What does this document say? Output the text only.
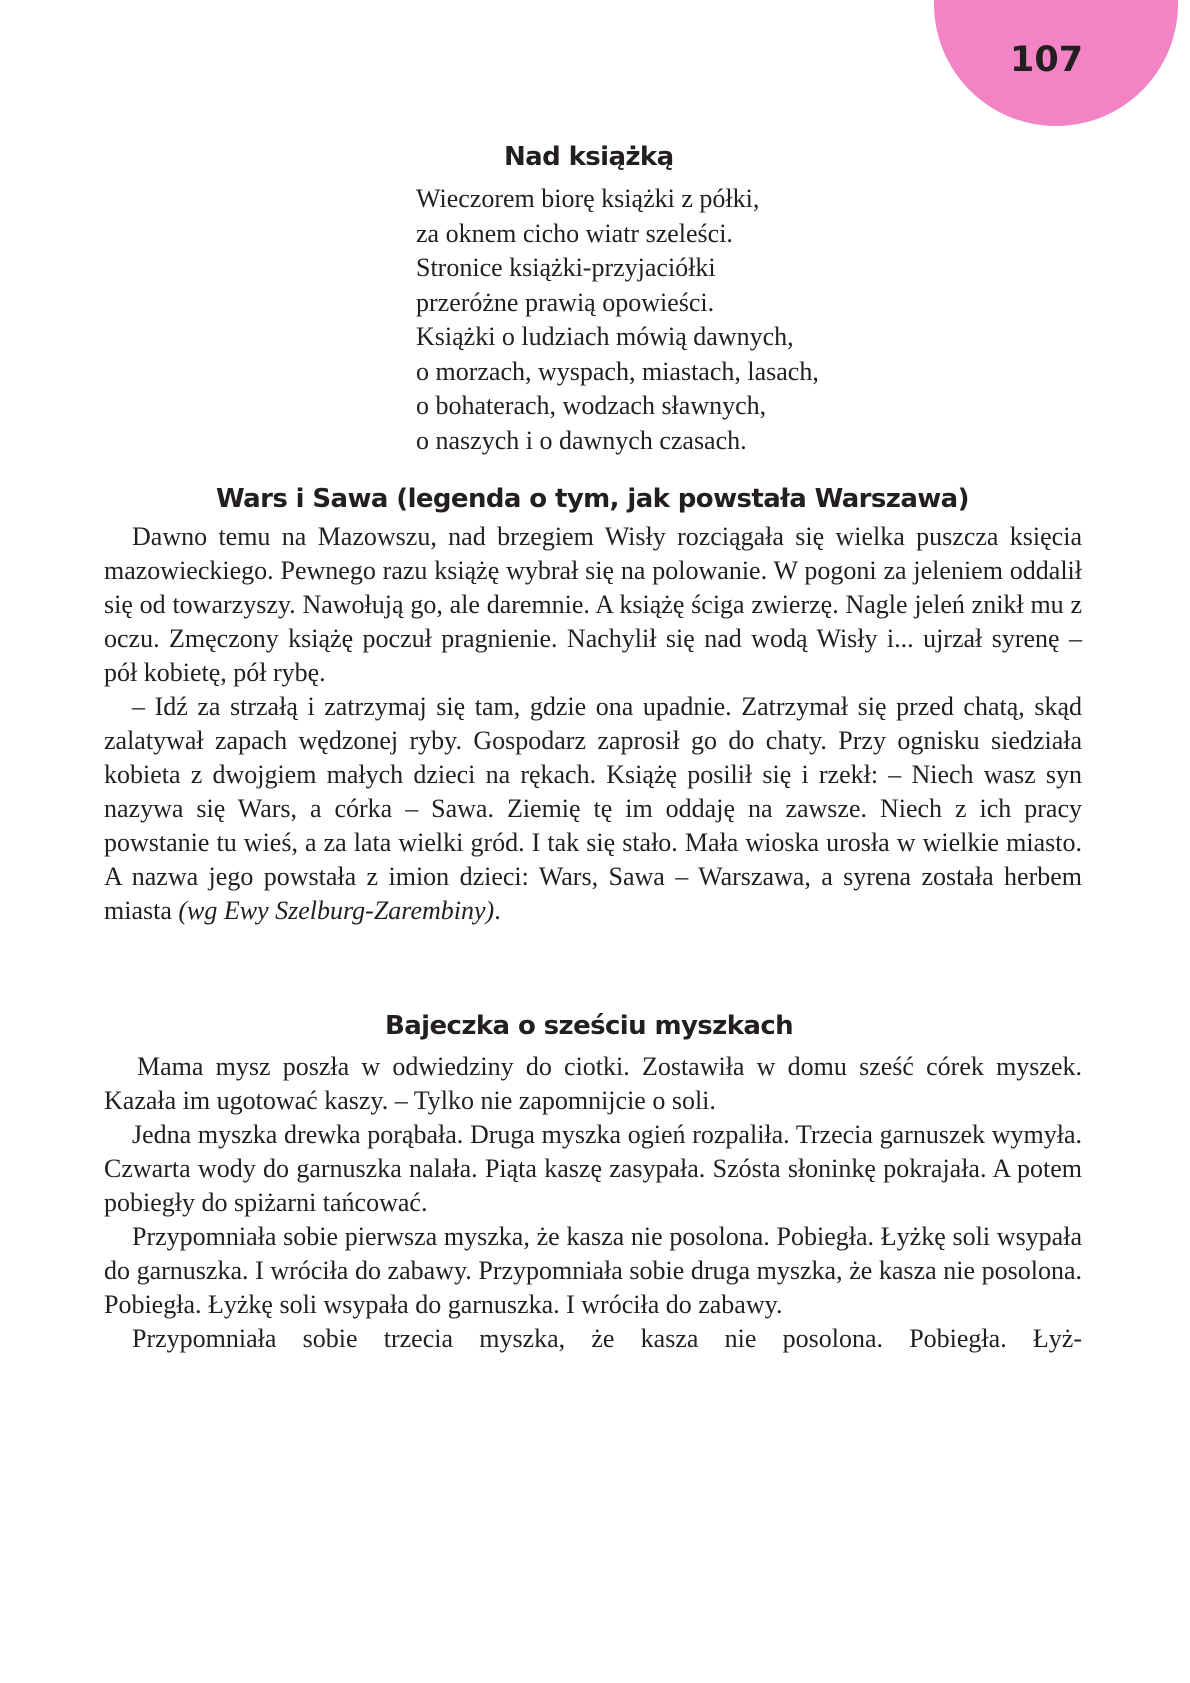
107
Nad książką
Wieczorem biorę książki z półki,
za oknem cicho wiatr szeleści.
Stronice książki-przyjaciółki
przeróżne prawią opowieści.
Książki o ludziach mówią dawnych,
o morzach, wyspach, miastach, lasach,
o bohaterach, wodzach sławnych,
o naszych i o dawnych czasach.
Wars i Sawa (legenda o tym, jak powstała Warszawa)

Dawno temu na Mazowszu, nad brzegiem Wisły rozciągała się wielka puszcza księcia mazowieckiego. Pewnego razu książę wybrał się na polowanie. W pogoni za jeleniem oddalił się od towarzyszy. Nawołują go, ale daremnie. A książę ściga zwierzę. Nagle jeleń znikł mu z oczu. Zmęczony książę poczuł pragnienie. Nachylił się nad wodą Wisły i... ujrzał syrenę – pół kobietę, pół rybę.

– Idź za strzałą i zatrzymaj się tam, gdzie ona upadnie. Zatrzymał się przed chatą, skąd zalatywał zapach wędzonej ryby. Gospodarz zaprosił go do chaty. Przy ognisku siedziała kobieta z dwojgiem małych dzieci na rękach. Książę posilił się i rzekł: – Niech wasz syn nazywa się Wars, a córka – Sawa. Ziemię tę im oddaję na zawsze. Niech z ich pracy powstanie tu wieś, a za lata wielki gród. I tak się stało. Mała wioska urosła w wielkie miasto. A nazwa jego powstała z imion dzieci: Wars, Sawa – Warszawa, a syrena została herbem miasta (wg Ewy Szelburg-Zarembiny).

Bajeczka o sześciu myszkach

Mama mysz poszła w odwiedziny do ciotki. Zostawiła w domu sześć córek myszek. Kazała im ugotować kaszy. – Tylko nie zapomnijcie o soli.

Jedna myszka drewka porąbała. Druga myszka ogień rozpaliła. Trzecia garnuszek wymyła. Czwarta wody do garnuszka nalała. Piąta kaszę zasypała. Szósta słoninkę pokrajała. A potem pobiegły do spiżarni tańcować.

Przypomniała sobie pierwsza myszka, że kasza nie posolona. Pobiegła. Łyżkę soli wsypała do garnuszka. I wróciła do zabawy. Przypomniała sobie druga myszka, że kasza nie posolona. Pobiegła. Łyżkę soli wsypała do garnuszka. I wróciła do zabawy.

Przypomniała sobie trzecia myszka, że kasza nie posolona. Pobiegła. Łyż-
